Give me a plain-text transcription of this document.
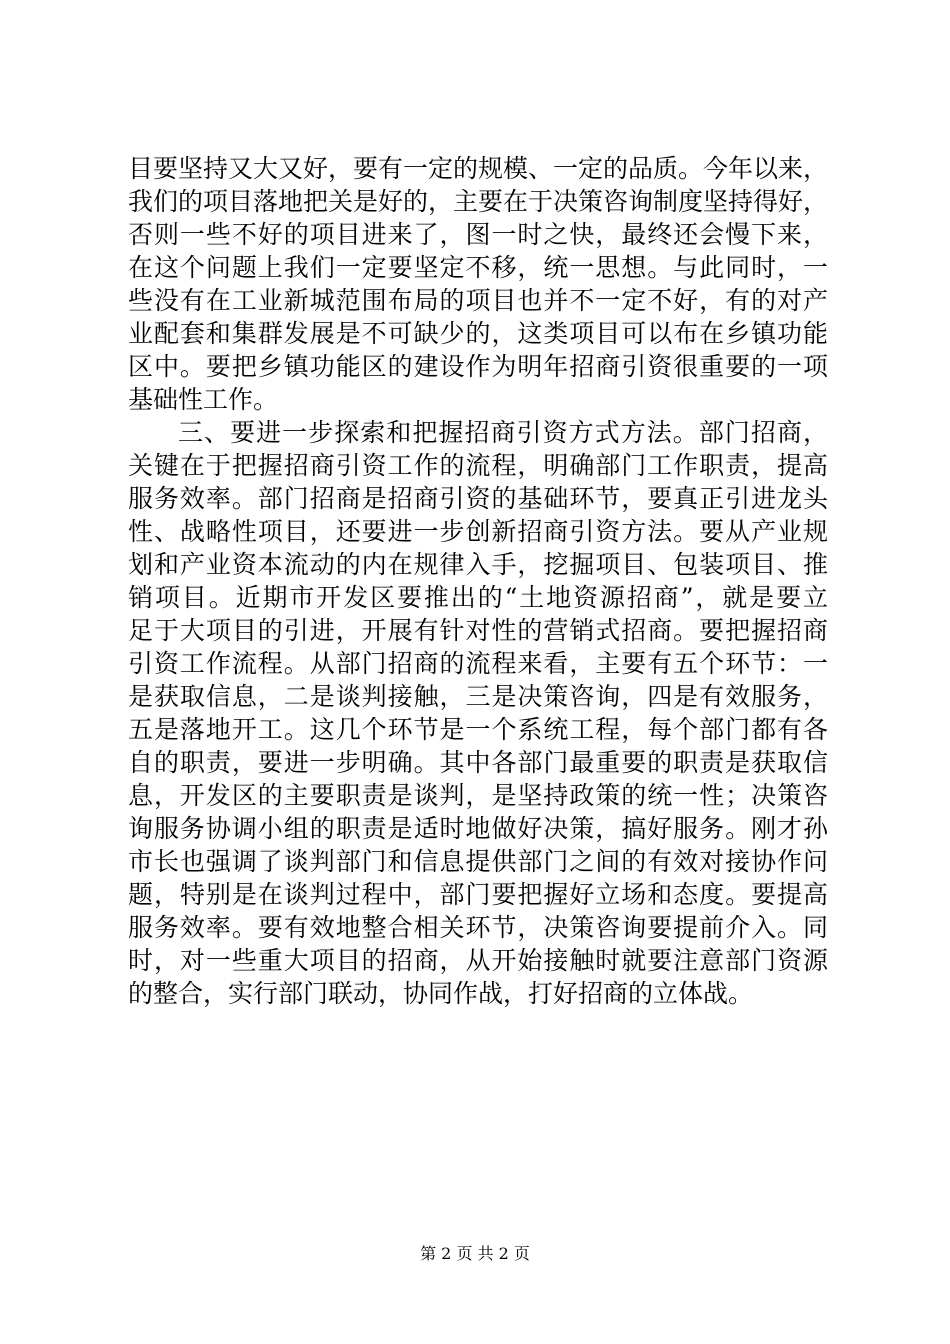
目要坚持又大又好，要有一定的规模、一定的品质。今年以来，
我们的项目落地把关是好的，主要在于决策咨询制度坚持得好，
否则一些不好的项目进来了，图一时之快，最终还会慢下来，
在这个问题上我们一定要坚定不移，统一思想。与此同时，一
些没有在工业新城范围布局的项目也并不一定不好，有的对产
业配套和集群发展是不可缺少的，这类项目可以布在乡镇功能
区中。要把乡镇功能区的建设作为明年招商引资很重要的一项
基础性工作。
三、要进一步探索和把握招商引资方式方法。部门招商，
关键在于把握招商引资工作的流程，明确部门工作职责，提高
服务效率。部门招商是招商引资的基础环节，要真正引进龙头
性、战略性项目，还要进一步创新招商引资方法。要从产业规
划和产业资本流动的内在规律入手，挖掘项目、包装项目、推
销项目。近期市开发区要推出的“土地资源招商”，就是要立
足于大项目的引进，开展有针对性的营销式招商。要把握招商
引资工作流程。从部门招商的流程来看，主要有五个环节：一
是获取信息，二是谈判接触，三是决策咨询，四是有效服务，
五是落地开工。这几个环节是一个系统工程，每个部门都有各
自的职责，要进一步明确。其中各部门最重要的职责是获取信
息，开发区的主要职责是谈判，是坚持政策的统一性；决策咨
询服务协调小组的职责是适时地做好决策，搞好服务。刚才孙
市长也强调了谈判部门和信息提供部门之间的有效对接协作问
题，特别是在谈判过程中，部门要把握好立场和态度。要提高
服务效率。要有效地整合相关环节，决策咨询要提前介入。同
时，对一些重大项目的招商，从开始接触时就要注意部门资源
的整合，实行部门联动，协同作战，打好招商的立体战。
第 2 页 共 2 页
